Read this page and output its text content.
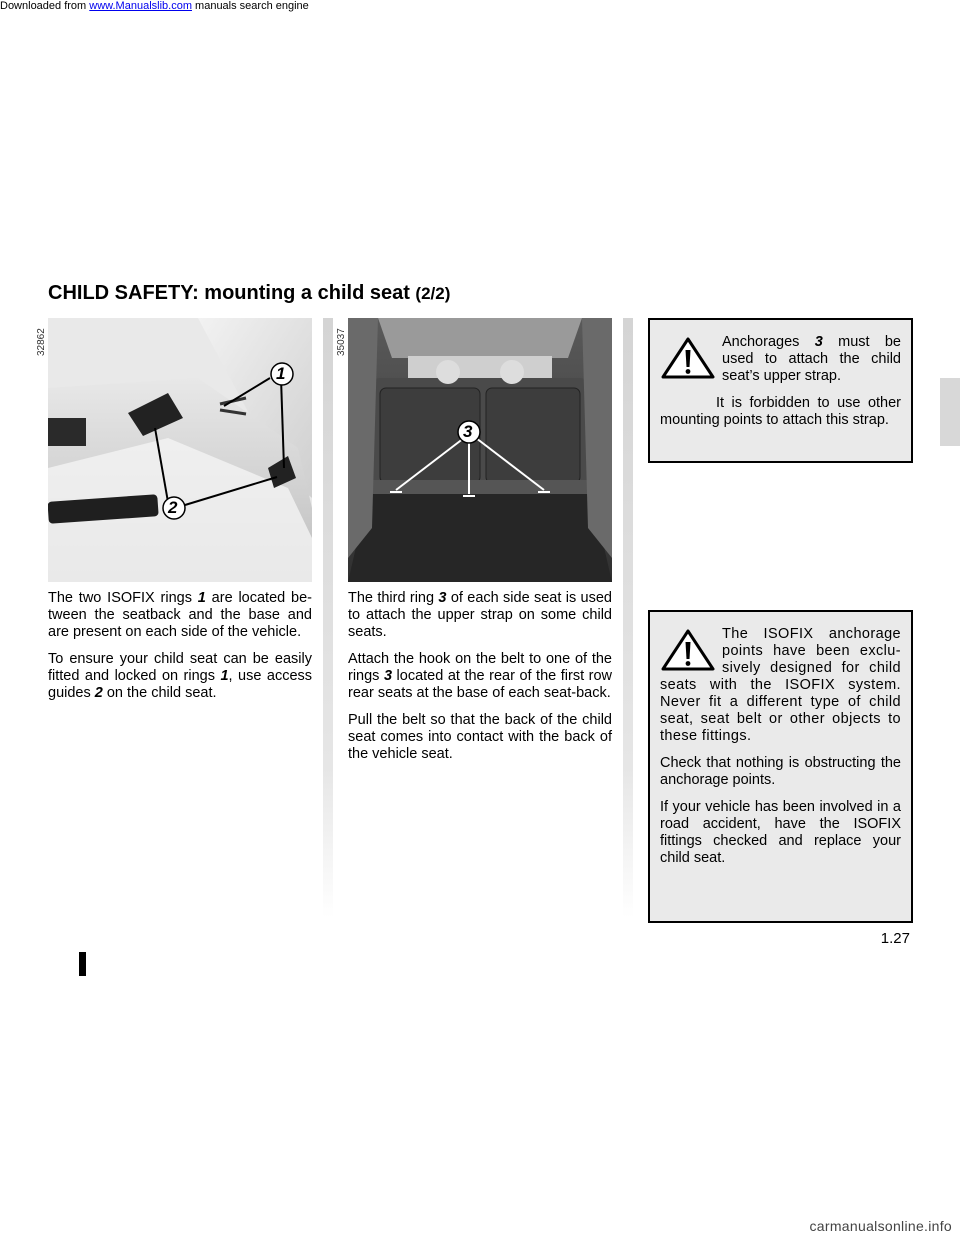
Downloaded from www.Manualslib.com manuals search engine
CHILD SAFETY: mounting a child seat (2/2)
1
2
32862
3
35037

The two ISOFIX rings 1 are located be-tween the seatback and the base and are present on each side of the vehicle.

To ensure your child seat can be easily fitted and locked on rings 1, use access guides 2 on the child seat.

The third ring 3 of each side seat is used to attach the upper strap on some child seats.

Attach the hook on the belt to one of the rings 3 located at the rear of the first row rear seats at the base of each seat-back.

Pull the belt so that the back of the child seat comes into contact with the back of the vehicle seat.

Anchorages 3 must be used to attach the child seat’s upper strap.

It is forbidden to use other mounting points to attach this strap.

The ISOFIX anchorage points have been exclu-sively designed for child seats with the ISOFIX system. Never fit a different type of child seat, seat belt or other objects to these fittings.

Check that nothing is obstructing the anchorage points.

If your vehicle has been involved in a road accident, have the ISOFIX fittings checked and replace your child seat.

1.27
carmanualsonline.info
